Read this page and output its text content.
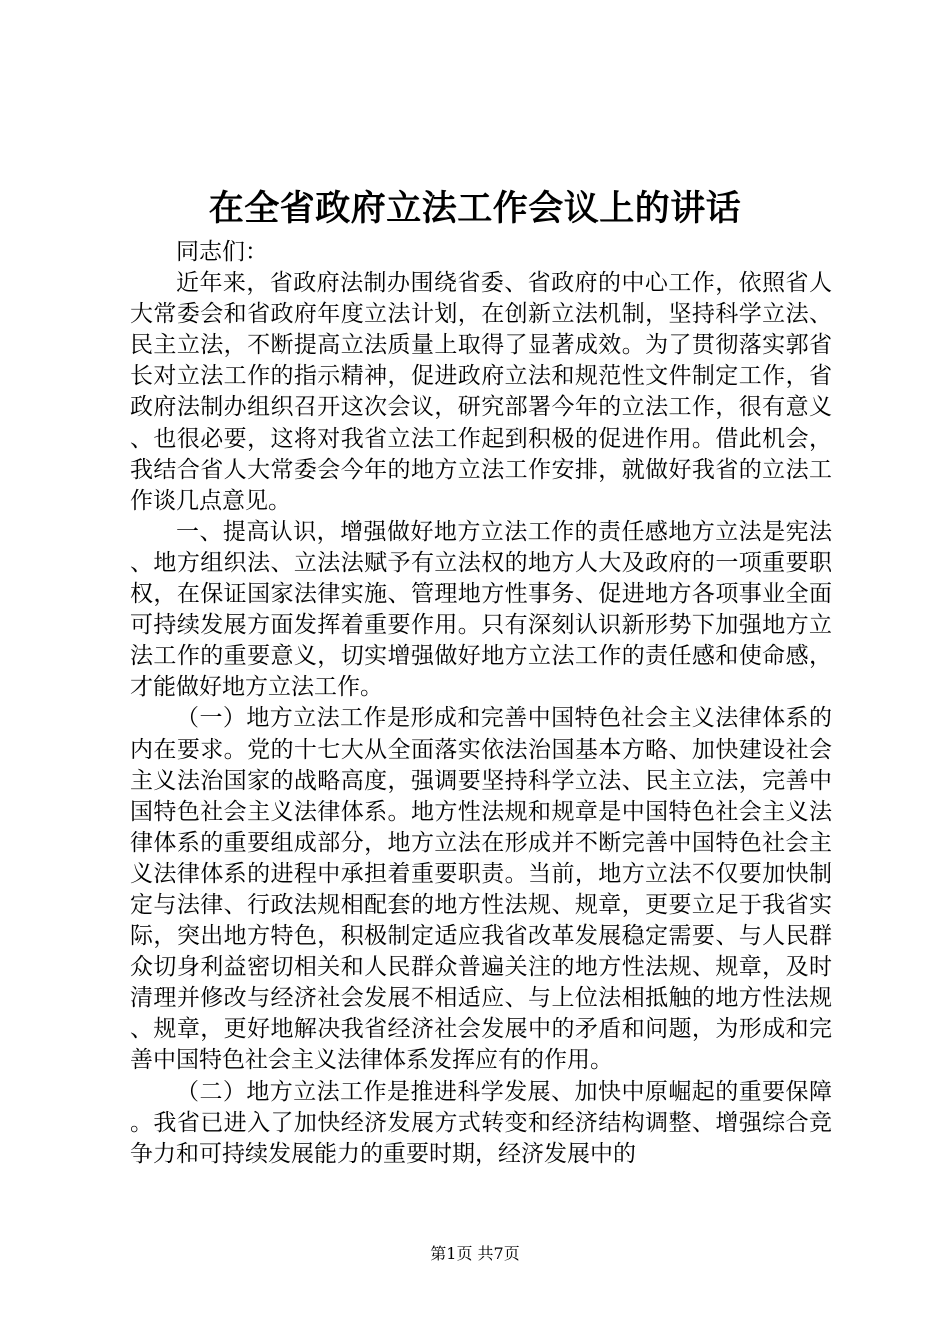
在全省政府立法工作会议上的讲话

同志们：

近年来，省政府法制办围绕省委、省政府的中心工作，依照省人大常委会和省政府年度立法计划，在创新立法机制，坚持科学立法、民主立法，不断提高立法质量上取得了显著成效。为了贯彻落实郭省长对立法工作的指示精神，促进政府立法和规范性文件制定工作，省政府法制办组织召开这次会议，研究部署今年的立法工作，很有意义、也很必要，这将对我省立法工作起到积极的促进作用。借此机会，我结合省人大常委会今年的地方立法工作安排，就做好我省的立法工作谈几点意见。

一、提高认识，增强做好地方立法工作的责任感地方立法是宪法、地方组织法、立法法赋予有立法权的地方人大及政府的一项重要职权，在保证国家法律实施、管理地方性事务、促进地方各项事业全面可持续发展方面发挥着重要作用。只有深刻认识新形势下加强地方立法工作的重要意义，切实增强做好地方立法工作的责任感和使命感，才能做好地方立法工作。

（一）地方立法工作是形成和完善中国特色社会主义法律体系的内在要求。党的十七大从全面落实依法治国基本方略、加快建设社会主义法治国家的战略高度，强调要坚持科学立法、民主立法，完善中国特色社会主义法律体系。地方性法规和规章是中国特色社会主义法律体系的重要组成部分，地方立法在形成并不断完善中国特色社会主义法律体系的进程中承担着重要职责。当前，地方立法不仅要加快制定与法律、行政法规相配套的地方性法规、规章，更要立足于我省实际，突出地方特色，积极制定适应我省改革发展稳定需要、与人民群众切身利益密切相关和人民群众普遍关注的地方性法规、规章，及时清理并修改与经济社会发展不相适应、与上位法相抵触的地方性法规、规章，更好地解决我省经济社会发展中的矛盾和问题，为形成和完善中国特色社会主义法律体系发挥应有的作用。

（二）地方立法工作是推进科学发展、加快中原崛起的重要保障。我省已进入了加快经济发展方式转变和经济结构调整、增强综合竞争力和可持续发展能力的重要时期，经济发展中的

第1页 共7页
